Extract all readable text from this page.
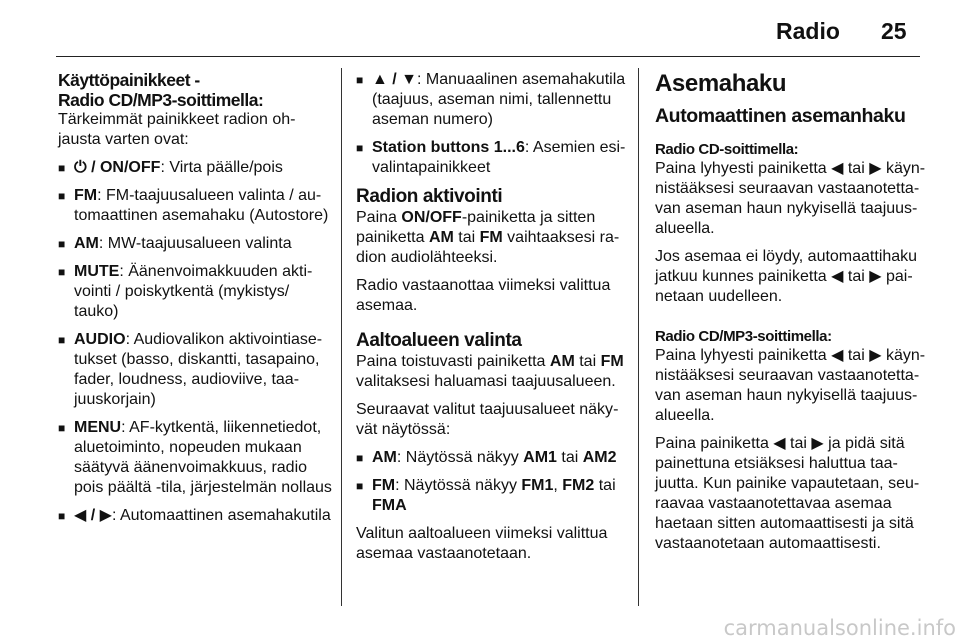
Radio 25
Käyttöpainikkeet -
Radio CD/MP3-soittimella:

Tärkeimmät painikkeet radion ohjausta varten ovat:

■ ⏻ / ON/OFF: Virta päälle/pois
■ FM: FM-taajuusalueen valinta / automaattinen asemahaku (Autostore)
■ AM: MW-taajuusalueen valinta
■ MUTE: Äänenvoimakkuuden aktivointi / poiskytkentä (mykistys/ tauko)
■ AUDIO: Audiovalikon aktivointiasetukset (basso, diskantti, tasapaino, fader, loudness, audioviive, taajuuskorjain)
■ MENU: AF-kytkentä, liikennetiedot, aluetoiminto, nopeuden mukaan säätyvä äänenvoimakkuus, radio pois päältä -tila, järjestelmän nollaus
■ ◀ / ▶: Automaattinen asemahakutila
■ ▲ / ▼: Manuaalinen asemahakutila (taajuus, aseman nimi, tallennettu aseman numero)
■ Station buttons 1...6: Asemien esivalintapainikkeet
Radion aktivointi

Paina ON/OFF-painiketta ja sitten painiketta AM tai FM vaihtaaksesi radion audiolähteeksi.

Radio vastaanottaa viimeksi valittua asemaa.

Aaltoalueen valinta

Paina toistuvasti painiketta AM tai FM valitaksesi haluamasi taajuusalueen.

Seuraavat valitut taajuusalueet näkyvät näytössä:

■ AM: Näytössä näkyy AM1 tai AM2
■ FM: Näytössä näkyy FM1, FM2 tai FMA

Valitun aaltoalueen viimeksi valittua asemaa vastaanotetaan.

Asemahaku
Automaattinen asemanhaku
Radio CD-soittimella:

Paina lyhyesti painiketta ◀ tai ▶ käynnistääksesi seuraavan vastaanotettavan aseman haun nykyisellä taajuusalueella.

Jos asemaa ei löydy, automaattihaku jatkuu kunnes painiketta ◀ tai ▶ painetaan uudelleen.

Radio CD/MP3-soittimella:

Paina lyhyesti painiketta ◀ tai ▶ käynnistääksesi seuraavan vastaanotettavan aseman haun nykyisellä taajuusalueella.

Paina painiketta ◀ tai ▶ ja pidä sitä painettuna etsiäksesi haluttua taajuutta. Kun painike vapautetaan, seuraavaa vastaanotettavaa asemaa haetaan sitten automaattisesti ja sitä vastaanotetaan automaattisesti.

carmanualsonline.info
